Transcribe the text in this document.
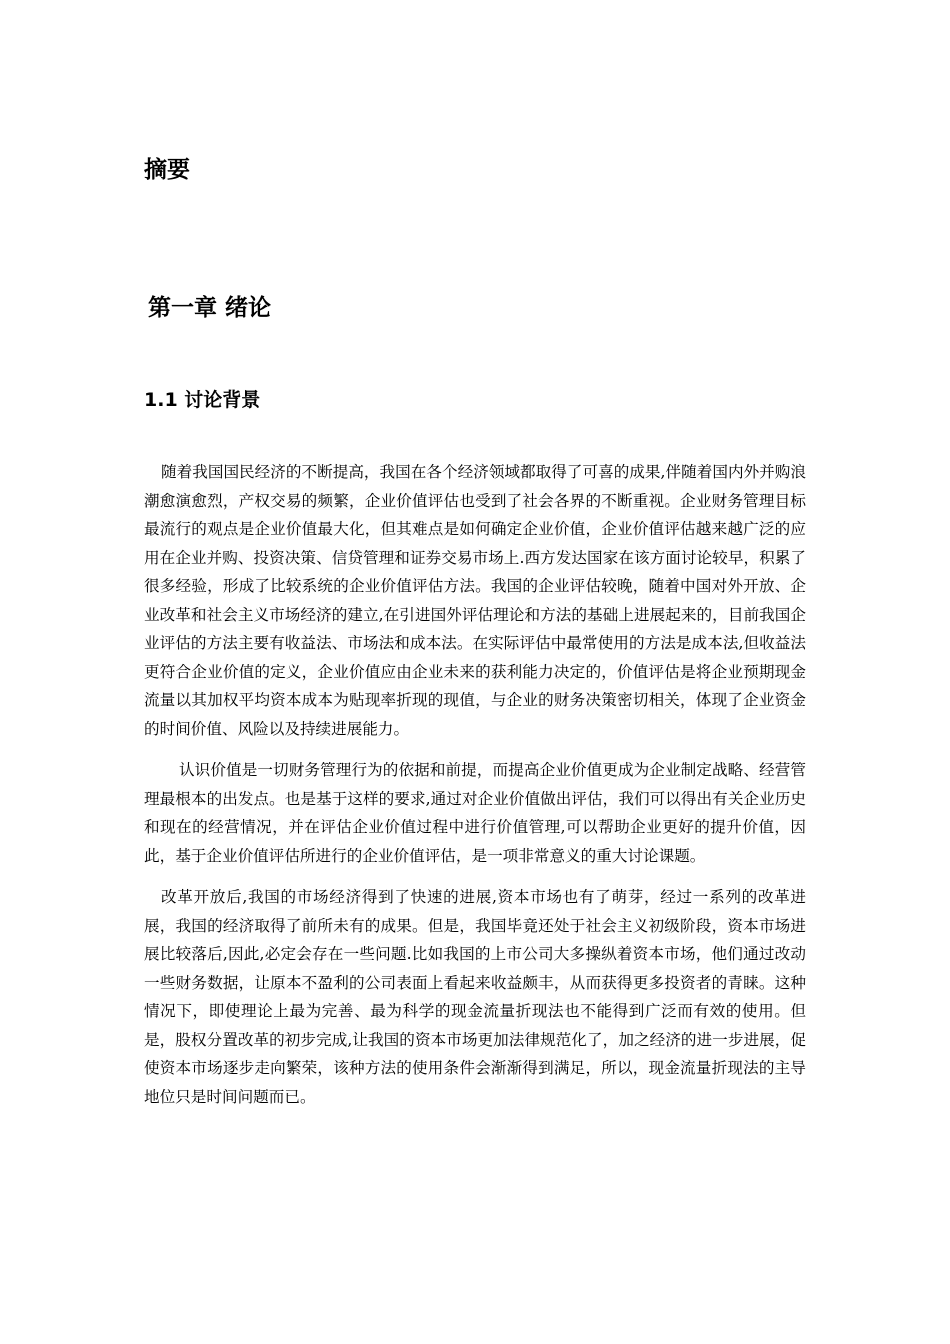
摘要
第一章 绪论
1.1 讨论背景

随着我国国民经济的不断提高，我国在各个经济领域都取得了可喜的成果,伴随着国内外并购浪潮愈演愈烈，产权交易的频繁，企业价值评估也受到了社会各界的不断重视。企业财务管理目标最流行的观点是企业价值最大化，但其难点是如何确定企业价值，企业价值评估越来越广泛的应用在企业并购、投资决策、信贷管理和证券交易市场上.西方发达国家在该方面讨论较早，积累了很多经验，形成了比较系统的企业价值评估方法。我国的企业评估较晚，随着中国对外开放、企业改革和社会主义市场经济的建立,在引进国外评估理论和方法的基础上进展起来的，目前我国企业评估的方法主要有收益法、市场法和成本法。在实际评估中最常使用的方法是成本法,但收益法更符合企业价值的定义，企业价值应由企业未来的获利能力决定的，价值评估是将企业预期现金流量以其加权平均资本成本为贴现率折现的现值，与企业的财务决策密切相关，体现了企业资金的时间价值、风险以及持续进展能力。

认识价值是一切财务管理行为的依据和前提，而提高企业价值更成为企业制定战略、经营管理最根本的出发点。也是基于这样的要求,通过对企业价值做出评估，我们可以得出有关企业历史和现在的经营情况，并在评估企业价值过程中进行价值管理,可以帮助企业更好的提升价值，因此，基于企业价值评估所进行的企业价值评估，是一项非常意义的重大讨论课题。

改革开放后,我国的市场经济得到了快速的进展,资本市场也有了萌芽，经过一系列的改革进展，我国的经济取得了前所未有的成果。但是，我国毕竟还处于社会主义初级阶段，资本市场进展比较落后,因此,必定会存在一些问题.比如我国的上市公司大多操纵着资本市场，他们通过改动一些财务数据，让原本不盈利的公司表面上看起来收益颇丰，从而获得更多投资者的青睐。这种情况下，即使理论上最为完善、最为科学的现金流量折现法也不能得到广泛而有效的使用。但是，股权分置改革的初步完成,让我国的资本市场更加法律规范化了，加之经济的进一步进展，促使资本市场逐步走向繁荣，该种方法的使用条件会渐渐得到满足，所以，现金流量折现法的主导地位只是时间问题而已。
